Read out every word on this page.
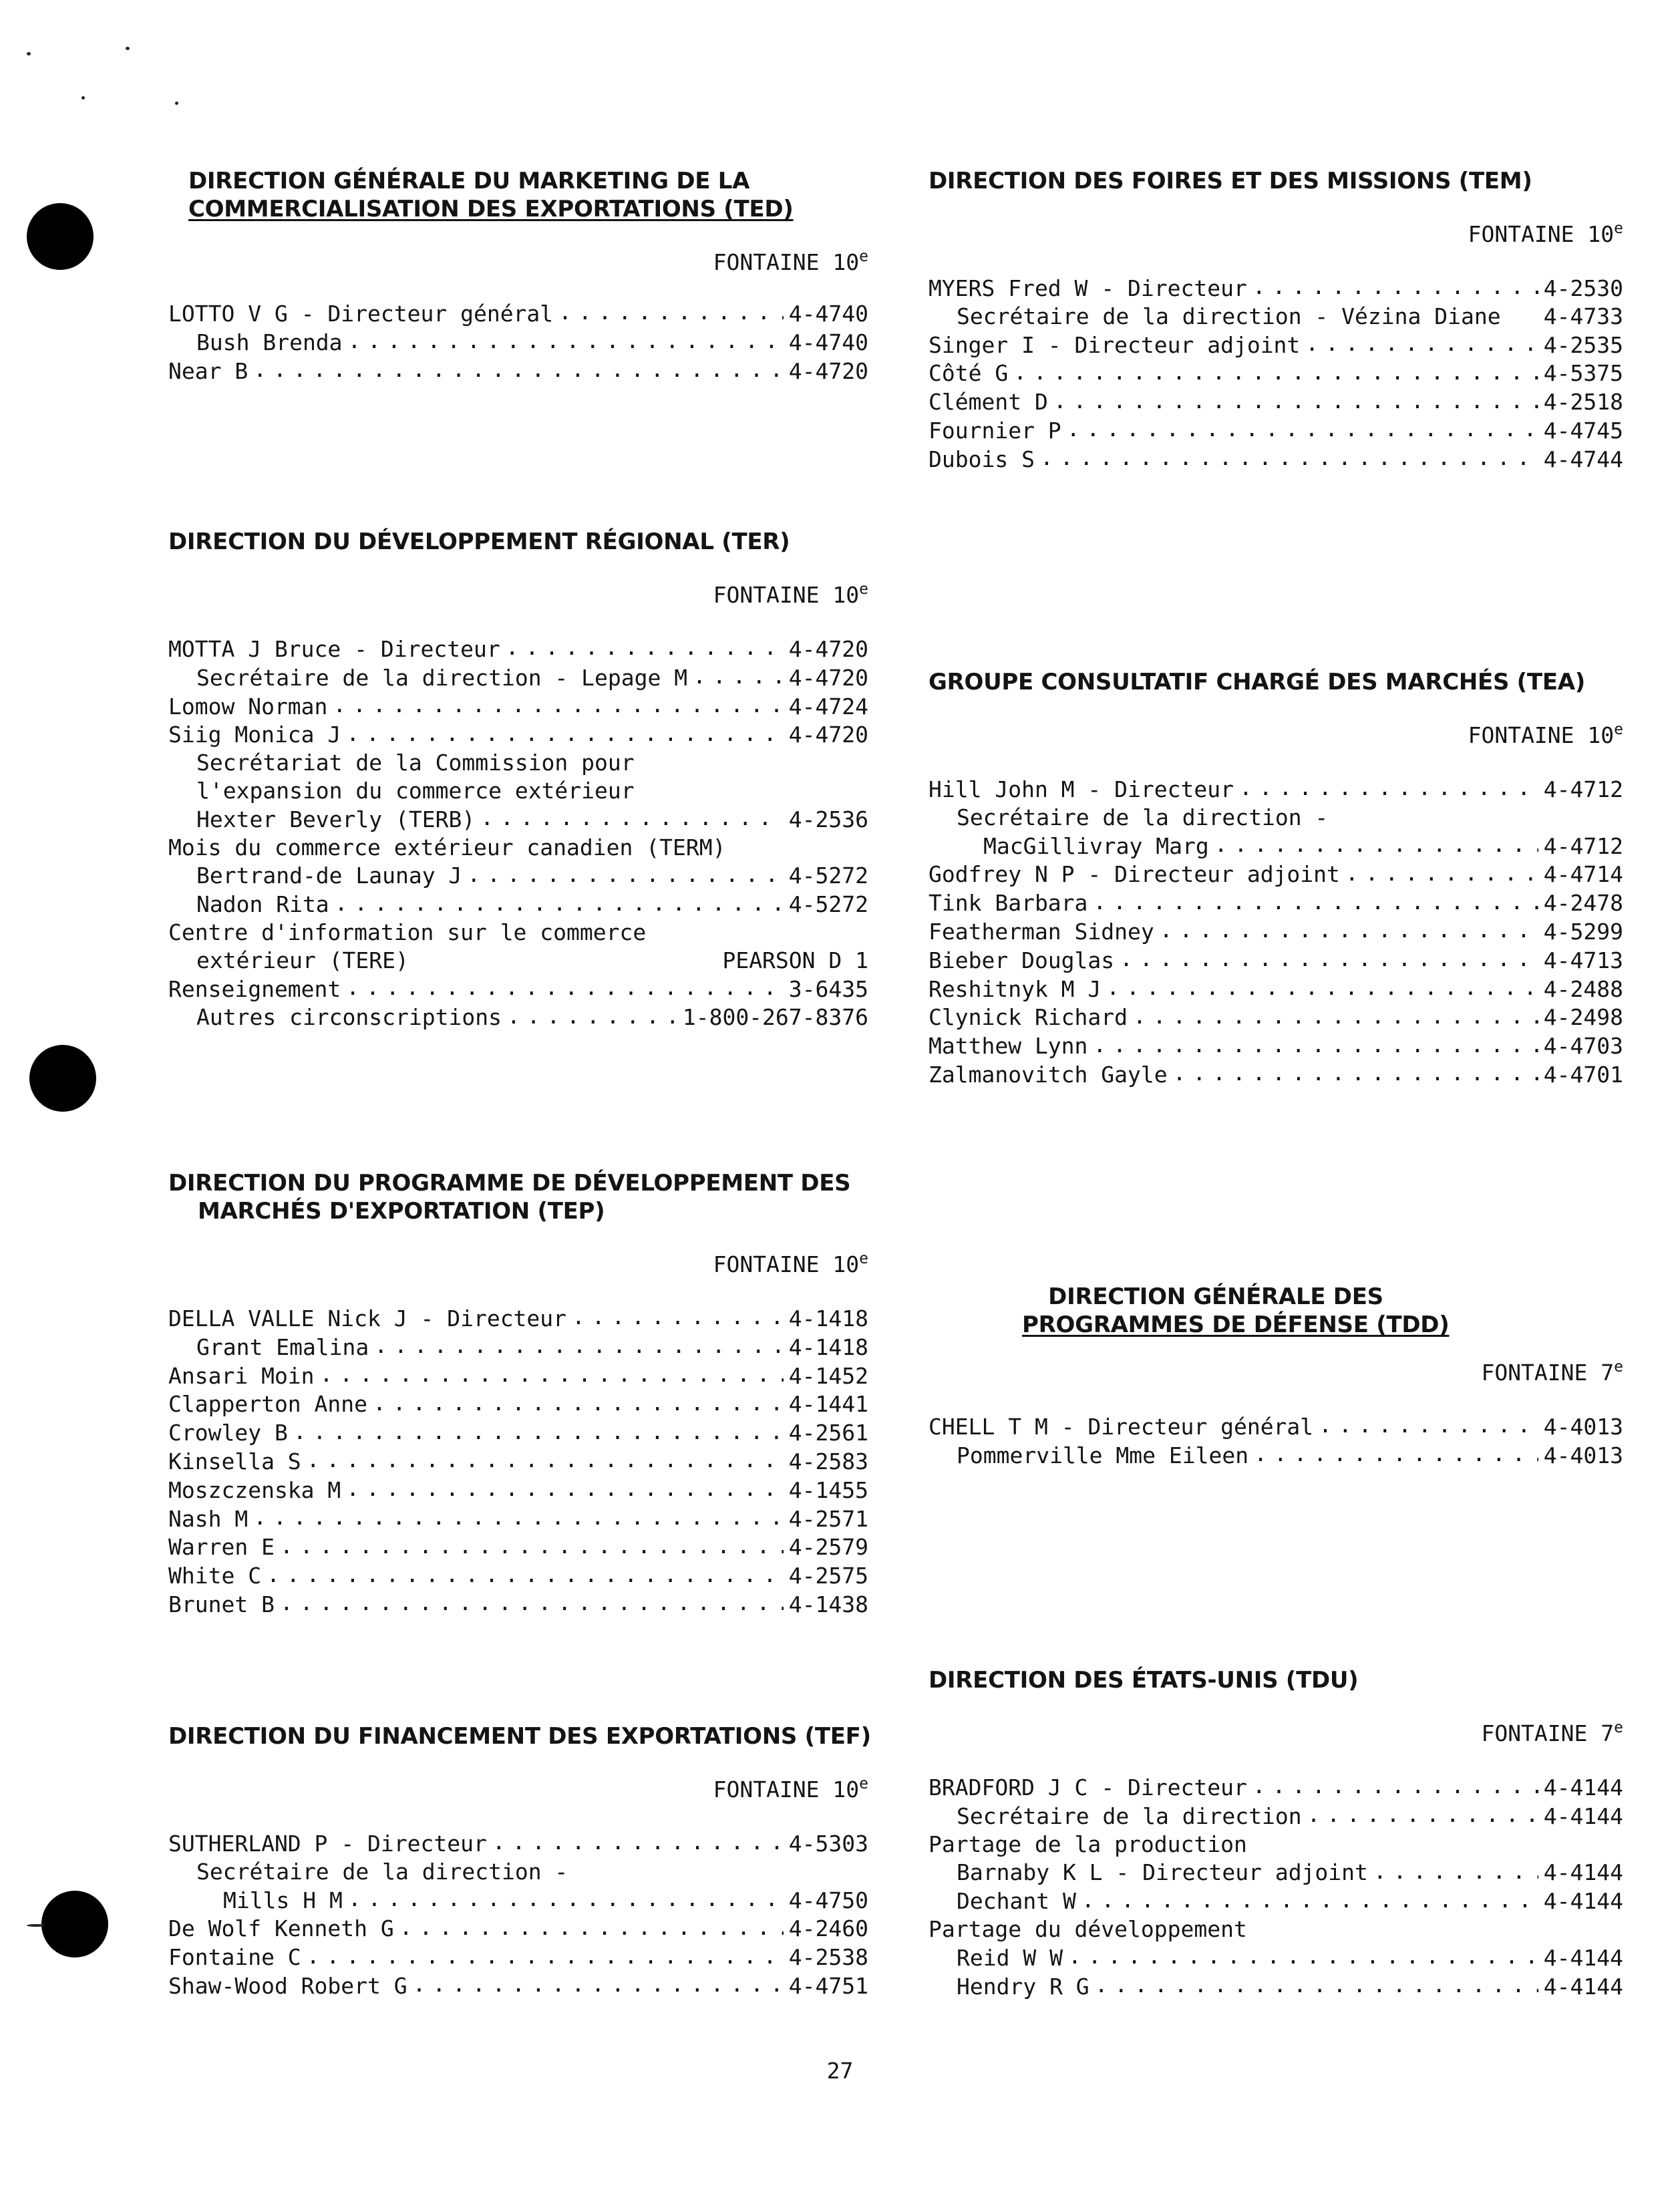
DIRECTION GÉNÉRALE DU MARKETING DE LA
COMMERCIALISATION DES EXPORTATIONS (TED)
FONTAINE 10e
LOTTO V G - Directeur général . . .	4-4740
Bush Brenda . . .	4-4740
Near B . . .	4-4720
DIRECTION DU DÉVELOPPEMENT RÉGIONAL (TER)
FONTAINE 10e
MOTTA J Bruce - Directeur . . .	4-4720
Secrétaire de la direction - Lepage M . . .	4-4720
Lomow Norman . . .	4-4724
Siig Monica J . . .	4-4720
Secrétariat de la Commission pour
l'expansion du commerce extérieur
Hexter Beverly (TERB) . . .	4-2536
Mois du commerce extérieur canadien (TERM)
Bertrand-de Launay J . . .	4-5272
Nadon Rita . . .	4-5272
Centre d'information sur le commerce
extérieur (TERE)	PEARSON D 1
Renseignement . . .	3-6435
Autres circonscriptions . . .	1-800-267-8376
DIRECTION DU PROGRAMME DE DÉVELOPPEMENT DES
MARCHÉS D'EXPORTATION (TEP)
FONTAINE 10e
DELLA VALLE Nick J - Directeur . . .	4-1418
Grant Emalina . . .	4-1418
Ansari Moin . . .	4-1452
Clapperton Anne . . .	4-1441
Crowley B . . .	4-2561
Kinsella S . . .	4-2583
Moszczenska M . . .	4-1455
Nash M . . .	4-2571
Warren E . . .	4-2579
White C . . .	4-2575
Brunet B . . .	4-1438
DIRECTION DU FINANCEMENT DES EXPORTATIONS (TEF)
FONTAINE 10e
SUTHERLAND P - Directeur . . .	4-5303
Secrétaire de la direction -
Mills H M . . .	4-4750
De Wolf Kenneth G . . .	4-2460
Fontaine C . . .	4-2538
Shaw-Wood Robert G . . .	4-4751
DIRECTION DES FOIRES ET DES MISSIONS (TEM)
FONTAINE 10e
MYERS Fred W - Directeur . . .	4-2530
Secrétaire de la direction - Vézina Diane 4-4733
Singer I - Directeur adjoint . . .	4-2535
Côté G . . .	4-5375
Clément D . . .	4-2518
Fournier P . . .	4-4745
Dubois S . . .	4-4744
GROUPE CONSULTATIF CHARGÉ DES MARCHÉS (TEA)
FONTAINE 10e
Hill John M - Directeur . . .	4-4712
Secrétaire de la direction -
MacGillivray Marg . . .	4-4712
Godfrey N P - Directeur adjoint . . .	4-4714
Tink Barbara . . .	4-2478
Featherman Sidney . . .	4-5299
Bieber Douglas . . .	4-4713
Reshitnyk M J . . .	4-2488
Clynick Richard . . .	4-2498
Matthew Lynn . . .	4-4703
Zalmanovitch Gayle . . .	4-4701
DIRECTION GÉNÉRALE DES
PROGRAMMES DE DÉFENSE (TDD)
FONTAINE 7e
CHELL T M - Directeur général . . .	4-4013
Pommerville Mme Eileen . . .	4-4013
DIRECTION DES ÉTATS-UNIS (TDU)
FONTAINE 7e
BRADFORD J C - Directeur . . .	4-4144
Secrétaire de la direction . . .	4-4144
Partage de la production
Barnaby K L - Directeur adjoint . . .	4-4144
Dechant W . . .	4-4144
Partage du développement
Reid W W . . .	4-4144
Hendry R G . . .	4-4144
27
